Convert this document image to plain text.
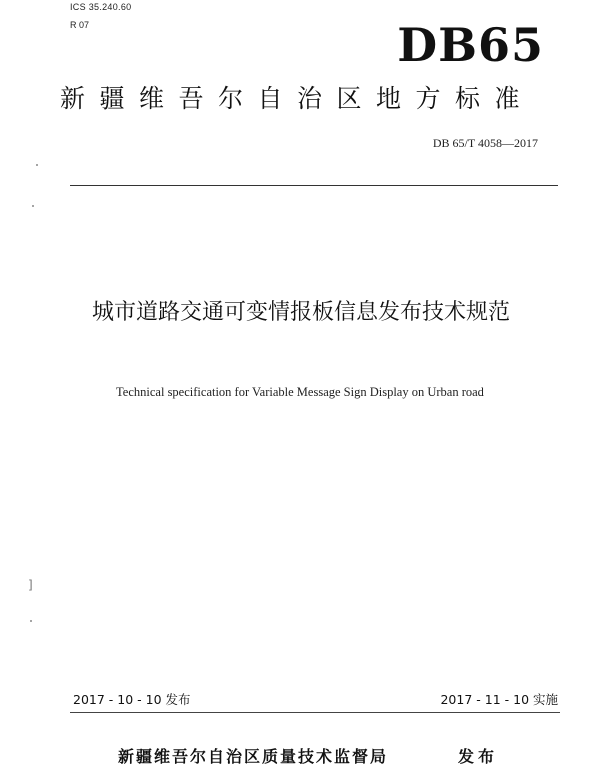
ICS 35.240.60
R 07	DB65
新疆维吾尔自治区地方标准
DB 65/T 4058—2017
城市道路交通可变情报板信息发布技术规范
Technical specification for Variable Message Sign Display on Urban road
]
2017 - 10 - 10 发布	2017 - 11 - 10 实施
新疆维吾尔自治区质量技术监督局	发布
